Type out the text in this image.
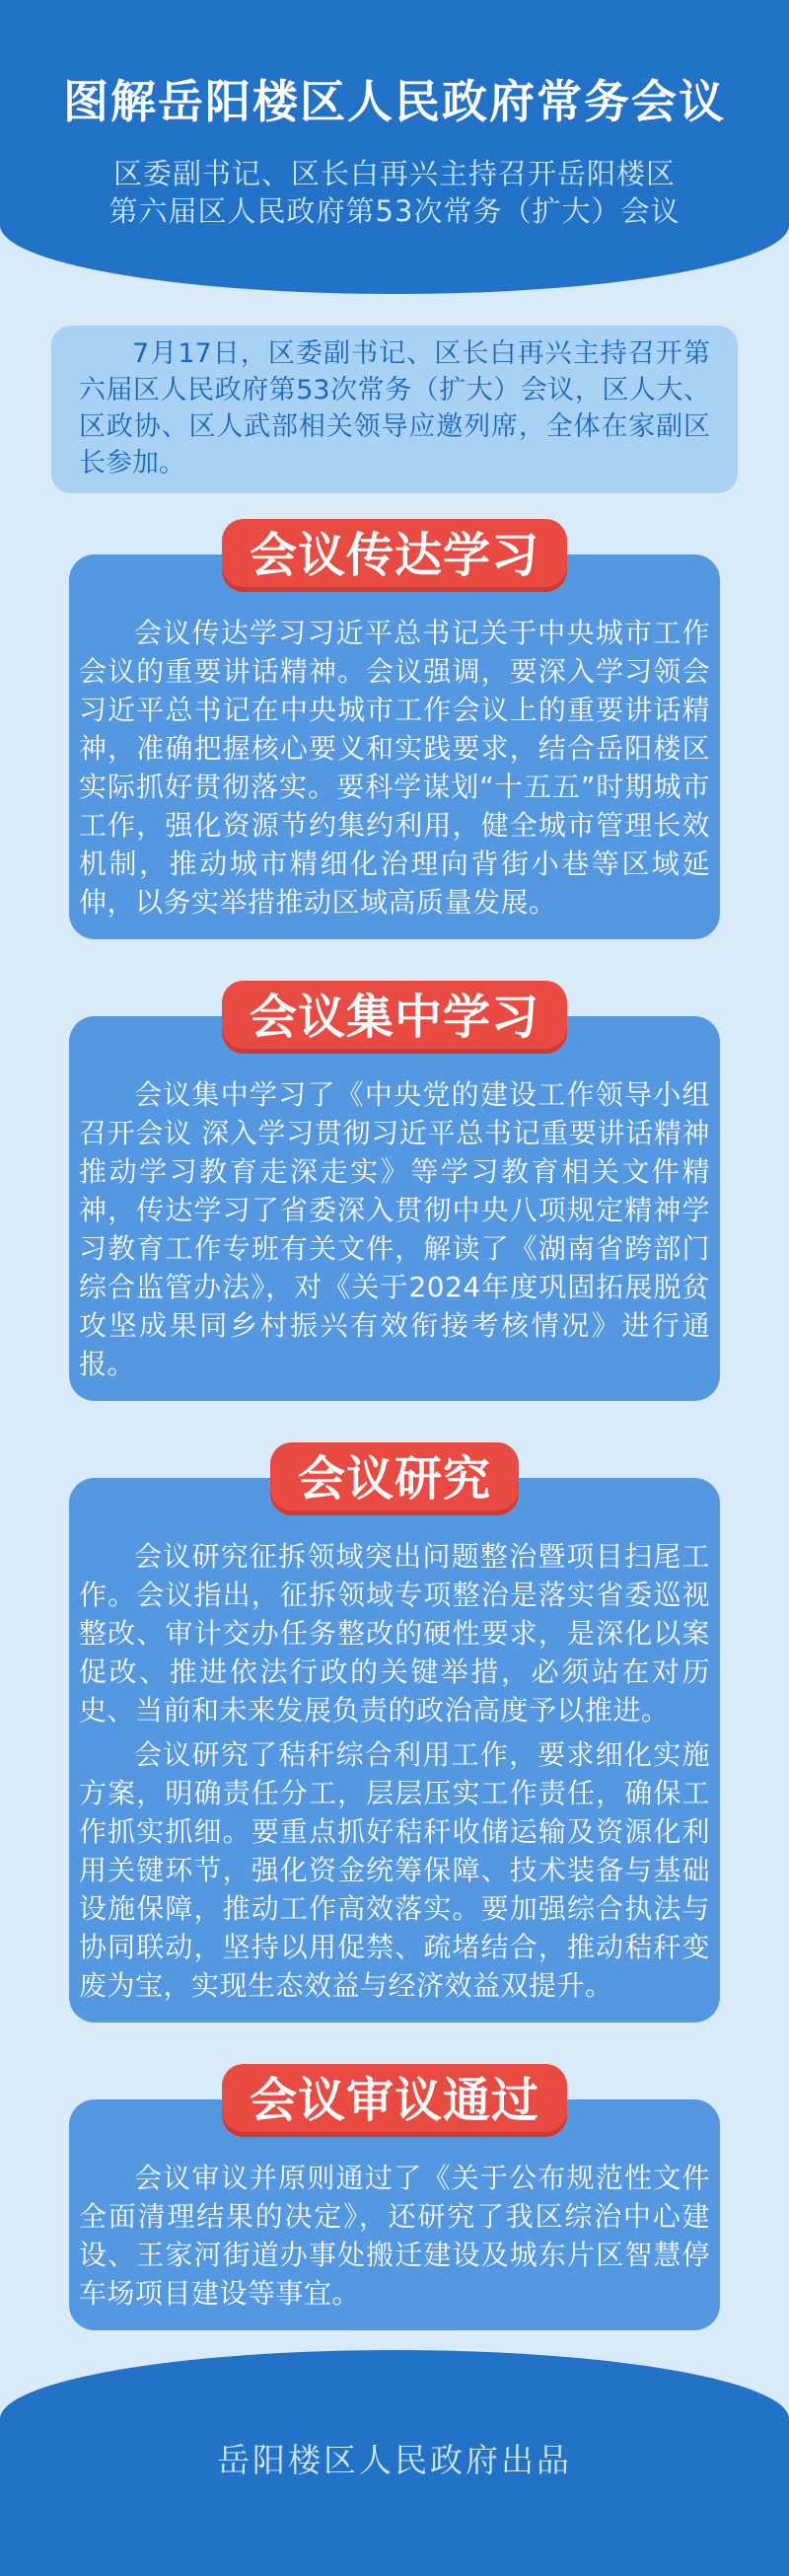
图解岳阳楼区人民政府常务会议
区委副书记、区长白再兴主持召开岳阳楼区
第六届区人民政府第53次常务（扩大）会议

7月17日，区委副书记、区长白再兴主持召开第六届区人民政府第53次常务（扩大）会议，区人大、区政协、区人武部相关领导应邀列席，全体在家副区长参加。

会议传达学习

会议传达学习习近平总书记关于中央城市工作会议的重要讲话精神。会议强调，要深入学习领会习近平总书记在中央城市工作会议上的重要讲话精神，准确把握核心要义和实践要求，结合岳阳楼区实际抓好贯彻落实。要科学谋划“十五五”时期城市工作，强化资源节约集约利用，健全城市管理长效机制，推动城市精细化治理向背街小巷等区域延伸，以务实举措推动区域高质量发展。

会议集中学习

会议集中学习了《中央党的建设工作领导小组召开会议 深入学习贯彻习近平总书记重要讲话精神 推动学习教育走深走实》等学习教育相关文件精神，传达学习了省委深入贯彻中央八项规定精神学习教育工作专班有关文件，解读了《湖南省跨部门综合监管办法》，对《关于2024年度巩固拓展脱贫攻坚成果同乡村振兴有效衔接考核情况》进行通报。

会议研究

会议研究征拆领域突出问题整治暨项目扫尾工作。会议指出，征拆领域专项整治是落实省委巡视整改、审计交办任务整改的硬性要求，是深化以案促改、推进依法行政的关键举措，必须站在对历史、当前和未来发展负责的政治高度予以推进。

会议研究了秸秆综合利用工作，要求细化实施方案，明确责任分工，层层压实工作责任，确保工作抓实抓细。要重点抓好秸秆收储运输及资源化利用关键环节，强化资金统筹保障、技术装备与基础设施保障，推动工作高效落实。要加强综合执法与协同联动，坚持以用促禁、疏堵结合，推动秸秆变废为宝，实现生态效益与经济效益双提升。

会议审议通过

会议审议并原则通过了《关于公布规范性文件全面清理结果的决定》，还研究了我区综治中心建设、王家河街道办事处搬迁建设及城东片区智慧停车场项目建设等事宜。

岳阳楼区人民政府出品
